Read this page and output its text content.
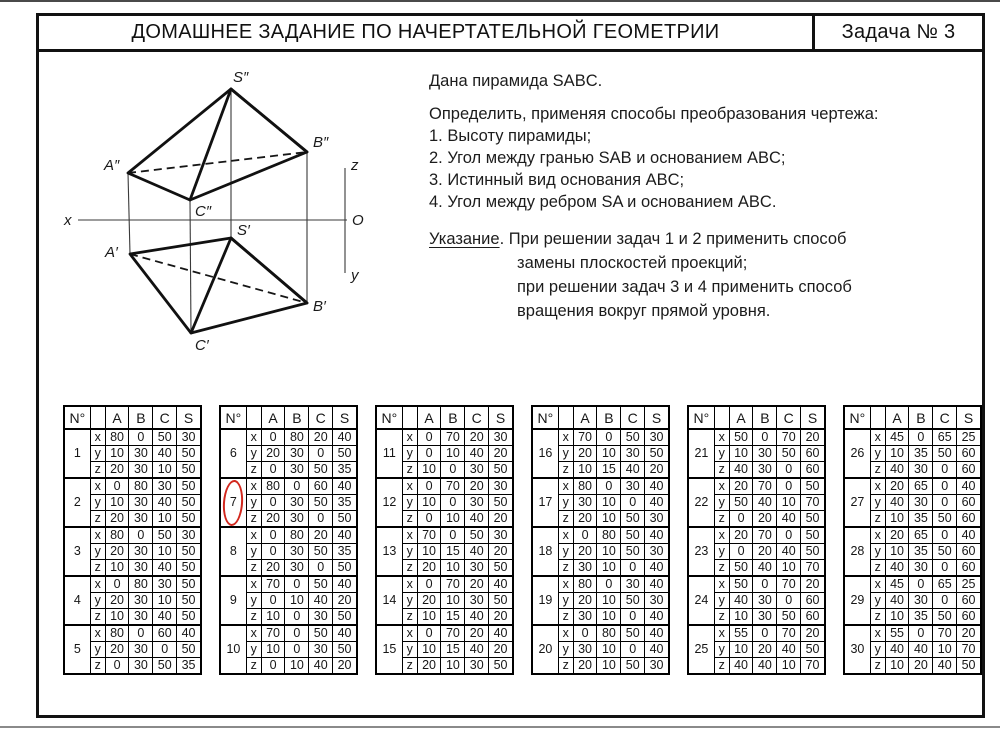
ДОМАШНЕЕ ЗАДАНИЕ ПО НАЧЕРТАТЕЛЬНОЙ ГЕОМЕТРИИ	Задача № 3
S″
B″
A″
C″
S′
A′
B′
C′
x
z
y
O
Дана пирамида SABC.
Определить, применяя способы преобразования чертежа:
1. Высоту пирамиды;
2. Угол между гранью SAB и основанием ABC;
3. Истинный вид основания ABC;
4. Угол между ребром SA и основанием ABC.
Указание. При решении задач 1 и 2 применить способ
замены плоскостей проекций;
при решении задач 3 и 4 применить способ
вращения вокруг прямой уровня.
N°		A	B	C	S
1	x	80	0	50	30
	y	10	30	40	50
	z	20	30	10	50
2	x	0	80	30	50
	y	10	30	40	50
	z	20	30	10	50
3	x	80	0	50	30
	y	20	30	10	50
	z	10	30	40	50
4	x	0	80	30	50
	y	20	30	10	50
	z	10	30	40	50
5	x	80	0	60	40
	y	20	30	0	50
	z	0	30	50	35
N°		A	B	C	S
6	x	0	80	20	40
	y	20	30	0	50
	z	0	30	50	35
7	x	80	0	60	40
	y	0	30	50	35
	z	20	30	0	50
8	x	0	80	20	40
	y	0	30	50	35
	z	20	30	0	50
9	x	70	0	50	40
	y	0	10	40	20
	z	10	0	30	50
10	x	70	0	50	40
	y	10	0	30	50
	z	0	10	40	20
N°		A	B	C	S
11	x	0	70	20	30
	y	0	10	40	20
	z	10	0	30	50
12	x	0	70	20	30
	y	10	0	30	50
	z	0	10	40	20
13	x	70	0	50	30
	y	10	15	40	20
	z	20	10	30	50
14	x	0	70	20	40
	y	20	10	30	50
	z	10	15	40	20
15	x	0	70	20	40
	y	10	15	40	20
	z	20	10	30	50
N°		A	B	C	S
16	x	70	0	50	30
	y	20	10	30	50
	z	10	15	40	20
17	x	80	0	30	40
	y	30	10	0	40
	z	20	10	50	30
18	x	0	80	50	40
	y	20	10	50	30
	z	30	10	0	40
19	x	80	0	30	40
	y	20	10	50	30
	z	30	10	0	40
20	x	0	80	50	40
	y	30	10	0	40
	z	20	10	50	30
N°		A	B	C	S
21	x	50	0	70	20
	y	10	30	50	60
	z	40	30	0	60
22	x	20	70	0	50
	y	50	40	10	70
	z	0	20	40	50
23	x	20	70	0	50
	y	0	20	40	50
	z	50	40	10	70
24	x	50	0	70	20
	y	40	30	0	60
	z	10	30	50	60
25	x	55	0	70	20
	y	10	20	40	50
	z	40	40	10	70
N°		A	B	C	S
26	x	45	0	65	25
	y	10	35	50	60
	z	40	30	0	60
27	x	20	65	0	40
	y	40	30	0	60
	z	10	35	50	60
28	x	20	65	0	40
	y	10	35	50	60
	z	40	30	0	60
29	x	45	0	65	25
	y	40	30	0	60
	z	10	35	50	60
30	x	55	0	70	20
	y	40	40	10	70
	z	10	20	40	50
